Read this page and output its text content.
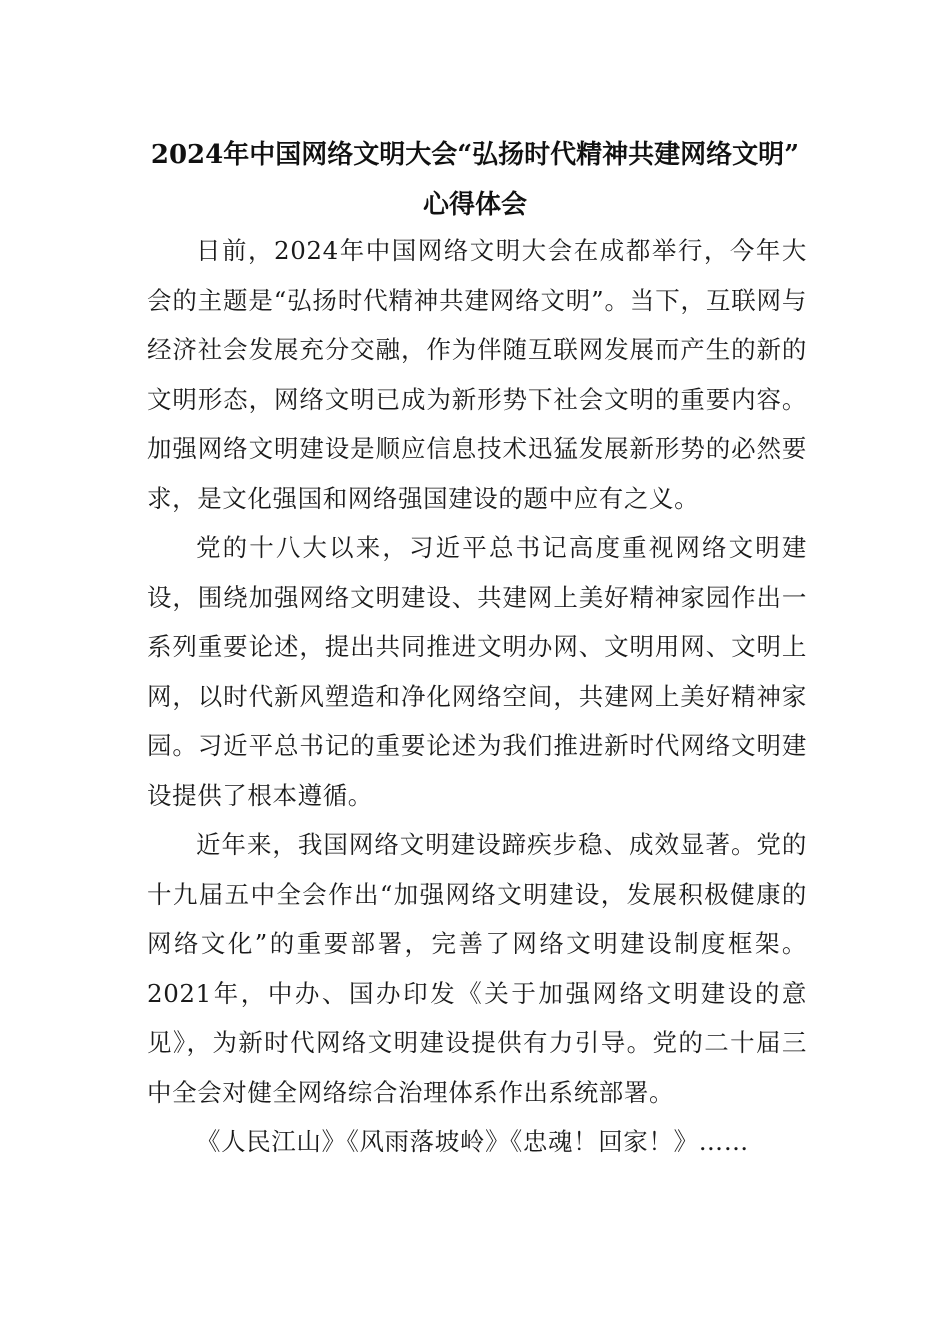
2024年中国网络文明大会“弘扬时代精神共建网络文明”
心得体会

日前，2024年中国网络文明大会在成都举行，今年大会的主题是“弘扬时代精神共建网络文明”。当下，互联网与经济社会发展充分交融，作为伴随互联网发展而产生的新的文明形态，网络文明已成为新形势下社会文明的重要内容。加强网络文明建设是顺应信息技术迅猛发展新形势的必然要求，是文化强国和网络强国建设的题中应有之义。

党的十八大以来，习近平总书记高度重视网络文明建设，围绕加强网络文明建设、共建网上美好精神家园作出一系列重要论述，提出共同推进文明办网、文明用网、文明上网，以时代新风塑造和净化网络空间，共建网上美好精神家园。习近平总书记的重要论述为我们推进新时代网络文明建设提供了根本遵循。

近年来，我国网络文明建设蹄疾步稳、成效显著。党的十九届五中全会作出“加强网络文明建设，发展积极健康的网络文化”的重要部署，完善了网络文明建设制度框架。2021年，中办、国办印发《关于加强网络文明建设的意见》，为新时代网络文明建设提供有力引导。党的二十届三中全会对健全网络综合治理体系作出系统部署。

《人民江山》《风雨落坡岭》《忠魂！回家！》……
